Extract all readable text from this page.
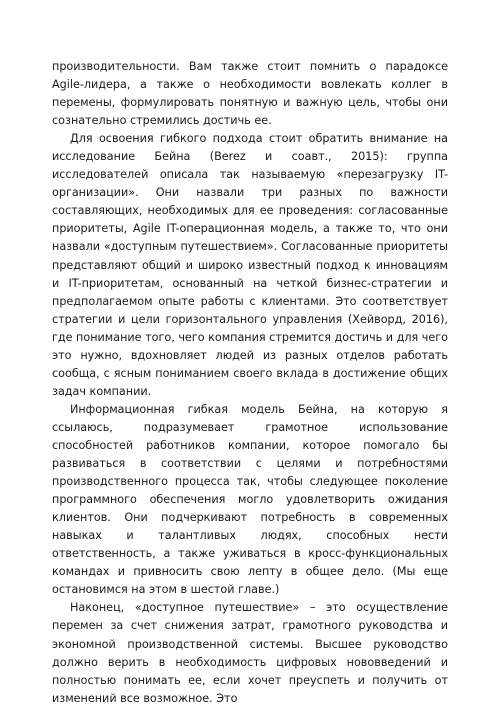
производительности. Вам также стоит помнить о парадоксе Agile-лидера, а также о необходимости вовлекать коллег в перемены, формулировать понятную и важную цель, чтобы они сознательно стремились достичь ее.

Для освоения гибкого подхода стоит обратить внимание на исследование Бейна (Berez и соавт., 2015): группа исследователей описала так называемую «перезагрузку IT-организации». Они назвали три разных по важности составляющих, необходимых для ее проведения: согласованные приоритеты, Agile IT-операционная модель, а также то, что они назвали «доступным путешествием». Согласованные приоритеты представляют общий и широко известный подход к инновациям и IT-приоритетам, основанный на четкой бизнес-стратегии и предполагаемом опыте работы с клиентами. Это соответствует стратегии и цели горизонтального управления (Хейворд, 2016), где понимание того, чего компания стремится достичь и для чего это нужно, вдохновляет людей из разных отделов работать сообща, с ясным пониманием своего вклада в достижение общих задач компании.

Информационная гибкая модель Бейна, на которую я ссылаюсь, подразумевает грамотное использование способностей работников компании, которое помогало бы развиваться в соответствии с целями и потребностями производственного процесса так, чтобы следующее поколение программного обеспечения могло удовлетворить ожидания клиентов. Они подчеркивают потребность в современных навыках и талантливых людях, способных нести ответственность, а также уживаться в кросс-функциональных командах и привносить свою лепту в общее дело. (Мы еще остановимся на этом в шестой главе.)

Наконец, «доступное путешествие» – это осуществление перемен за счет снижения затрат, грамотного руководства и экономной производственной системы. Высшее руководство должно верить в необходимость цифровых нововведений и полностью понимать ее, если хочет преуспеть и получить от изменений все возможное. Это
